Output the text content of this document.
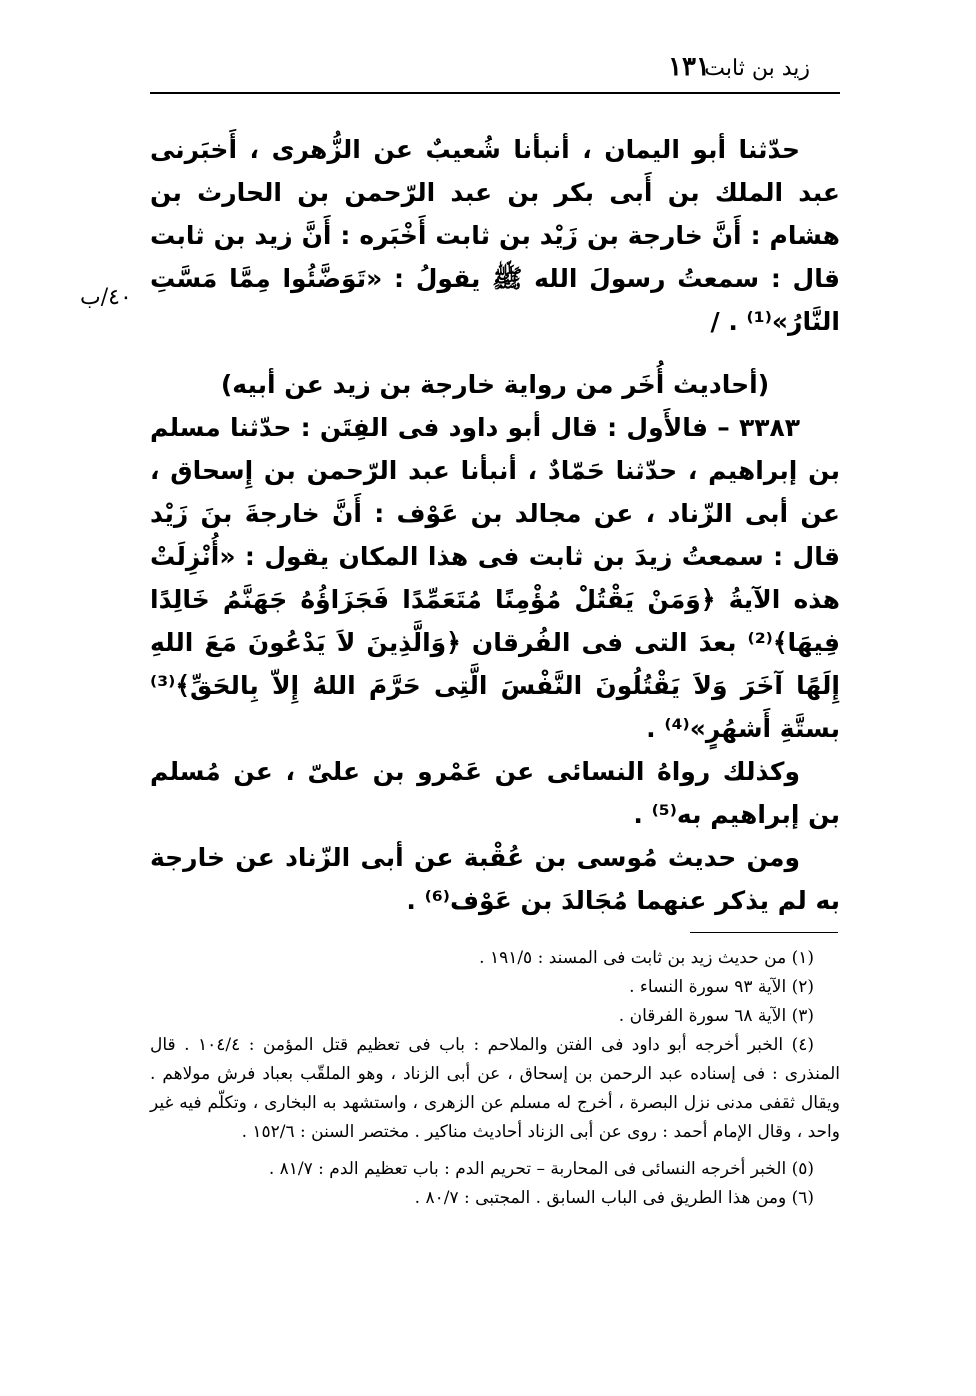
زيد بن ثابت
١٣١
٤٠/ب

حدّثنا أبو اليمان ، أنبأنا شُعيبٌ عن الزُّهرى ، أَخبَرنى عبد الملك بن أَبى بكر بن عبد الرّحمن بن الحارث بن هشام : أَنَّ خارجة بن زَيْد بن ثابت أَخْبَره : أَنَّ زيد بن ثابت قال : سمعتُ رسولَ الله ﷺ يقولُ : «تَوَضَّئُوا مِمَّا مَسَّتِ النَّارُ»⁽¹⁾ . /

(أحاديث أُخَر من رواية خارجة بن زيد عن أبيه)

٣٣٨٣ – فالأَول : قال أبو داود فى الفِتَن : حدّثنا مسلم بن إبراهيم ، حدّثنا حَمّادٌ ، أنبأنا عبد الرّحمن بن إِسحاق ، عن أبى الزّناد ، عن مجالد بن عَوْف : أَنَّ خارجةَ بنَ زَيْد قال : سمعتُ زيدَ بن ثابت فى هذا المكان يقول : «أُنْزِلَتْ هذه الآيةُ ﴿وَمَنْ يَقْتُلْ مُؤْمِنًا مُتَعَمِّدًا فَجَزَاؤُهُ جَهَنَّمُ خَالِدًا فِيهَا﴾⁽²⁾ بعدَ التى فى الفُرقان ﴿وَالَّذِينَ لاَ يَدْعُونَ مَعَ اللهِ إِلَهًا آخَرَ وَلاَ يَقْتُلُونَ النَّفْسَ الَّتِى حَرَّمَ اللهُ إِلاّ بِالحَقِّ﴾⁽³⁾ بستَّةِ أَشهُرٍ»⁽⁴⁾ .

وكذلك رواهُ النسائى عن عَمْرو بن علىّ ، عن مُسلم بن إبراهيم به⁽⁵⁾ .

ومن حديث مُوسى بن عُقْبة عن أبى الزّناد عن خارجة به لم يذكر عنهما مُجَالدَ بن عَوْف⁽⁶⁾ .

(١) من حديث زيد بن ثابت فى المسند : ١٩١/٥ .

(٢) الآية ٩٣ سورة النساء .

(٣) الآية ٦٨ سورة الفرقان .

(٤) الخبر أخرجه أبو داود فى الفتن والملاحم : باب فى تعظيم قتل المؤمن : ١٠٤/٤ . قال المنذرى : فى إسناده عبد الرحمن بن إسحاق ، عن أبى الزناد ، وهو الملقّب بعباد فرش مولاهم . ويقال ثقفى مدنى نزل البصرة ، أخرج له مسلم عن الزهرى ، واستشهد به البخارى ، وتكلّم فيه غير واحد ، وقال الإمام أحمد : روى عن أبى الزناد أحاديث مناكير . مختصر السنن : ١٥٢/٦ .

(٥) الخبر أخرجه النسائى فى المحاربة – تحريم الدم : باب تعظيم الدم : ٨١/٧ .

(٦) ومن هذا الطريق فى الباب السابق . المجتبى : ٨٠/٧ .
